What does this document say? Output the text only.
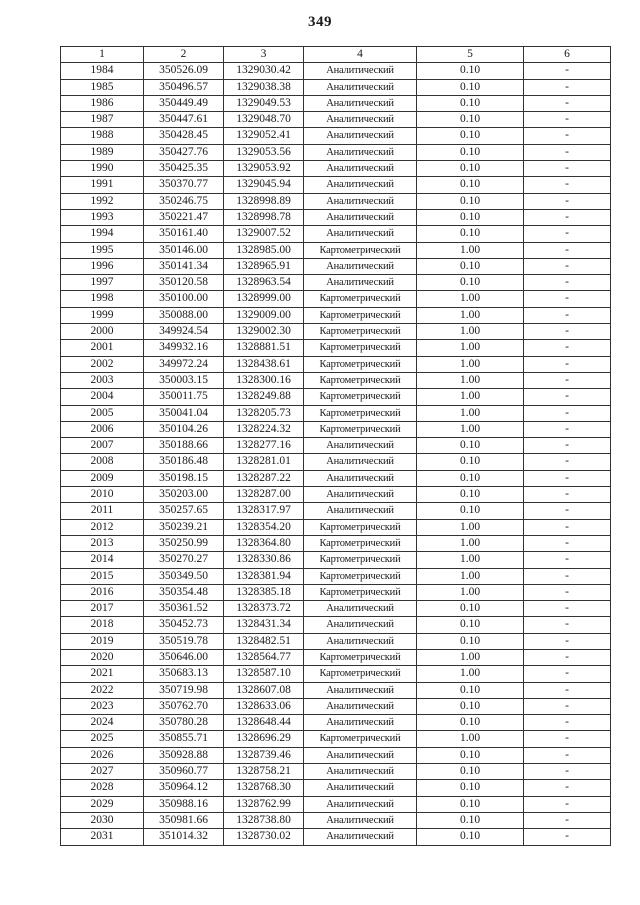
349
1	2	3	4	5	6
1984	350526.09	1329030.42	Аналитический	0.10	-
1985	350496.57	1329038.38	Аналитический	0.10	-
1986	350449.49	1329049.53	Аналитический	0.10	-
1987	350447.61	1329048.70	Аналитический	0.10	-
1988	350428.45	1329052.41	Аналитический	0.10	-
1989	350427.76	1329053.56	Аналитический	0.10	-
1990	350425.35	1329053.92	Аналитический	0.10	-
1991	350370.77	1329045.94	Аналитический	0.10	-
1992	350246.75	1328998.89	Аналитический	0.10	-
1993	350221.47	1328998.78	Аналитический	0.10	-
1994	350161.40	1329007.52	Аналитический	0.10	-
1995	350146.00	1328985.00	Картометрический	1.00	-
1996	350141.34	1328965.91	Аналитический	0.10	-
1997	350120.58	1328963.54	Аналитический	0.10	-
1998	350100.00	1328999.00	Картометрический	1.00	-
1999	350088.00	1329009.00	Картометрический	1.00	-
2000	349924.54	1329002.30	Картометрический	1.00	-
2001	349932.16	1328881.51	Картометрический	1.00	-
2002	349972.24	1328438.61	Картометрический	1.00	-
2003	350003.15	1328300.16	Картометрический	1.00	-
2004	350011.75	1328249.88	Картометрический	1.00	-
2005	350041.04	1328205.73	Картометрический	1.00	-
2006	350104.26	1328224.32	Картометрический	1.00	-
2007	350188.66	1328277.16	Аналитический	0.10	-
2008	350186.48	1328281.01	Аналитический	0.10	-
2009	350198.15	1328287.22	Аналитический	0.10	-
2010	350203.00	1328287.00	Аналитический	0.10	-
2011	350257.65	1328317.97	Аналитический	0.10	-
2012	350239.21	1328354.20	Картометрический	1.00	-
2013	350250.99	1328364.80	Картометрический	1.00	-
2014	350270.27	1328330.86	Картометрический	1.00	-
2015	350349.50	1328381.94	Картометрический	1.00	-
2016	350354.48	1328385.18	Картометрический	1.00	-
2017	350361.52	1328373.72	Аналитический	0.10	-
2018	350452.73	1328431.34	Аналитический	0.10	-
2019	350519.78	1328482.51	Аналитический	0.10	-
2020	350646.00	1328564.77	Картометрический	1.00	-
2021	350683.13	1328587.10	Картометрический	1.00	-
2022	350719.98	1328607.08	Аналитический	0.10	-
2023	350762.70	1328633.06	Аналитический	0.10	-
2024	350780.28	1328648.44	Аналитический	0.10	-
2025	350855.71	1328696.29	Картометрический	1.00	-
2026	350928.88	1328739.46	Аналитический	0.10	-
2027	350960.77	1328758.21	Аналитический	0.10	-
2028	350964.12	1328768.30	Аналитический	0.10	-
2029	350988.16	1328762.99	Аналитический	0.10	-
2030	350981.66	1328738.80	Аналитический	0.10	-
2031	351014.32	1328730.02	Аналитический	0.10	-
